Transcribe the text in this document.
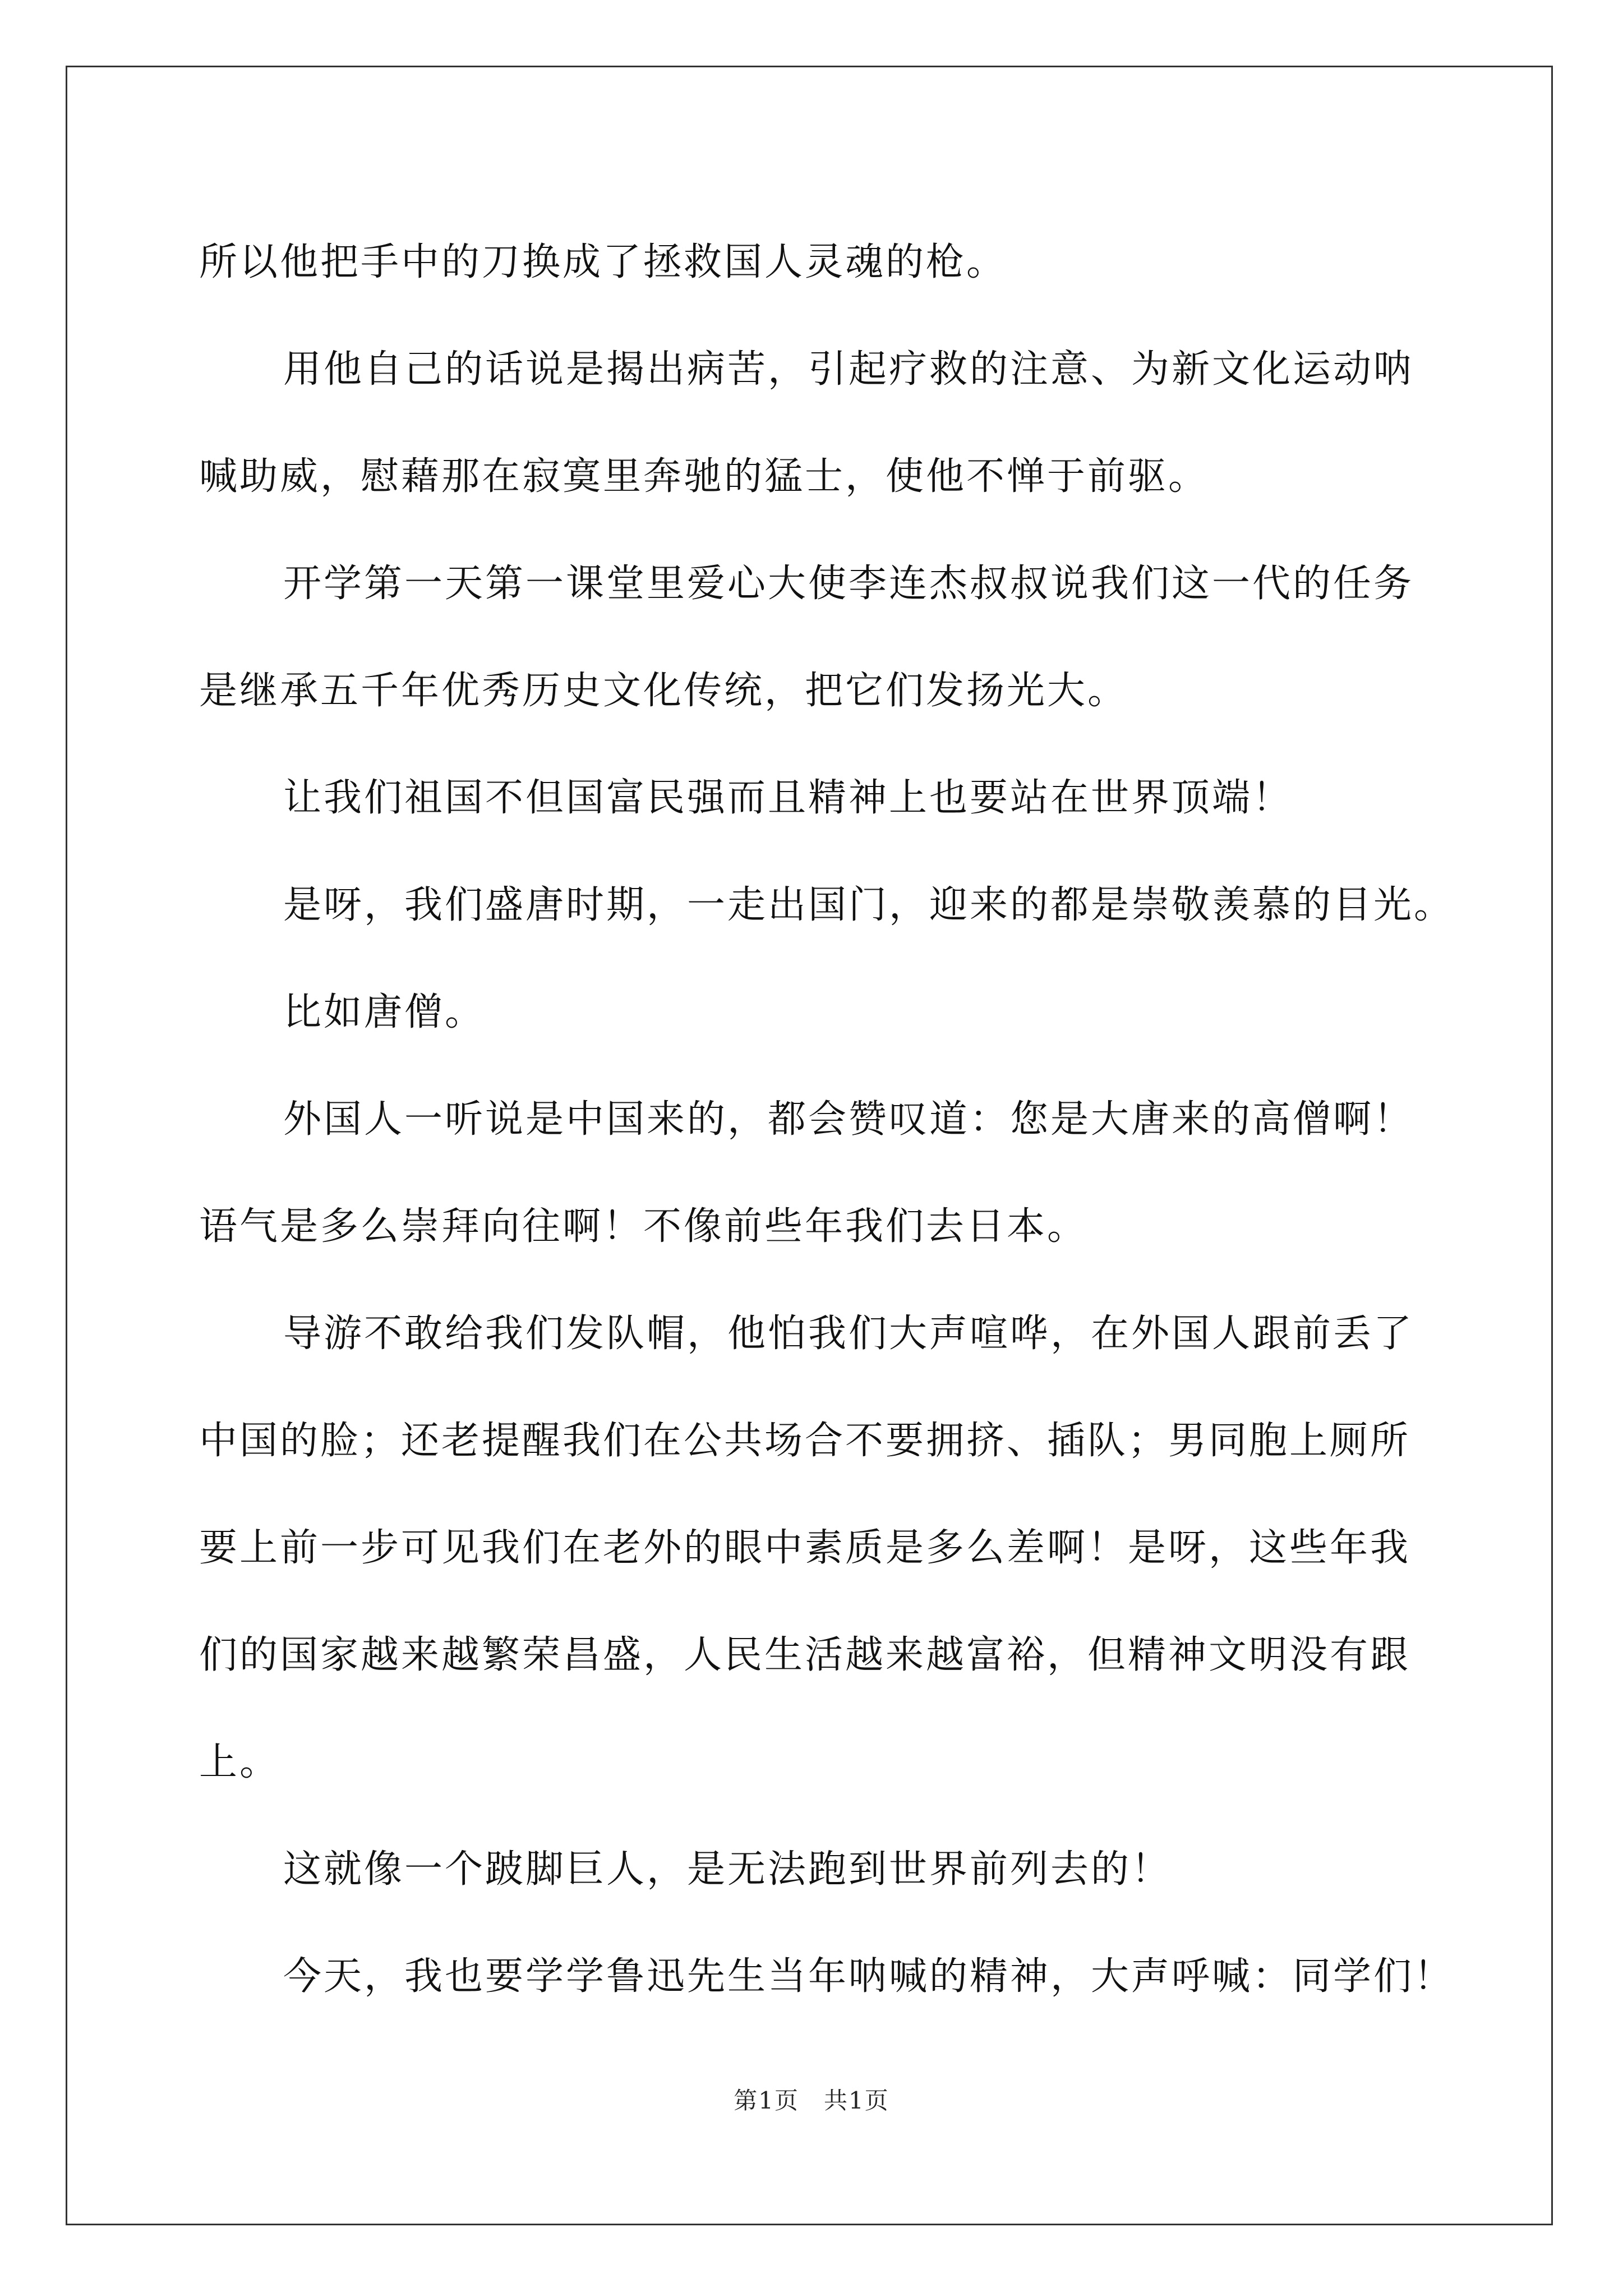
所以他把手中的刀换成了拯救国人灵魂的枪。
用他自己的话说是揭出病苦，引起疗救的注意、为新文化运动呐
喊助威，慰藉那在寂寞里奔驰的猛士，使他不惮于前驱。
开学第一天第一课堂里爱心大使李连杰叔叔说我们这一代的任务
是继承五千年优秀历史文化传统，把它们发扬光大。
让我们祖国不但国富民强而且精神上也要站在世界顶端！
是呀，我们盛唐时期，一走出国门，迎来的都是崇敬羡慕的目光。
比如唐僧。
外国人一听说是中国来的，都会赞叹道：您是大唐来的高僧啊！
语气是多么崇拜向往啊！不像前些年我们去日本。
导游不敢给我们发队帽，他怕我们大声喧哗，在外国人跟前丢了
中国的脸；还老提醒我们在公共场合不要拥挤、插队；男同胞上厕所
要上前一步可见我们在老外的眼中素质是多么差啊！是呀，这些年我
们的国家越来越繁荣昌盛，人民生活越来越富裕，但精神文明没有跟
上。
这就像一个跛脚巨人，是无法跑到世界前列去的！
今天，我也要学学鲁迅先生当年呐喊的精神，大声呼喊：同学们！
第1页　共1页
